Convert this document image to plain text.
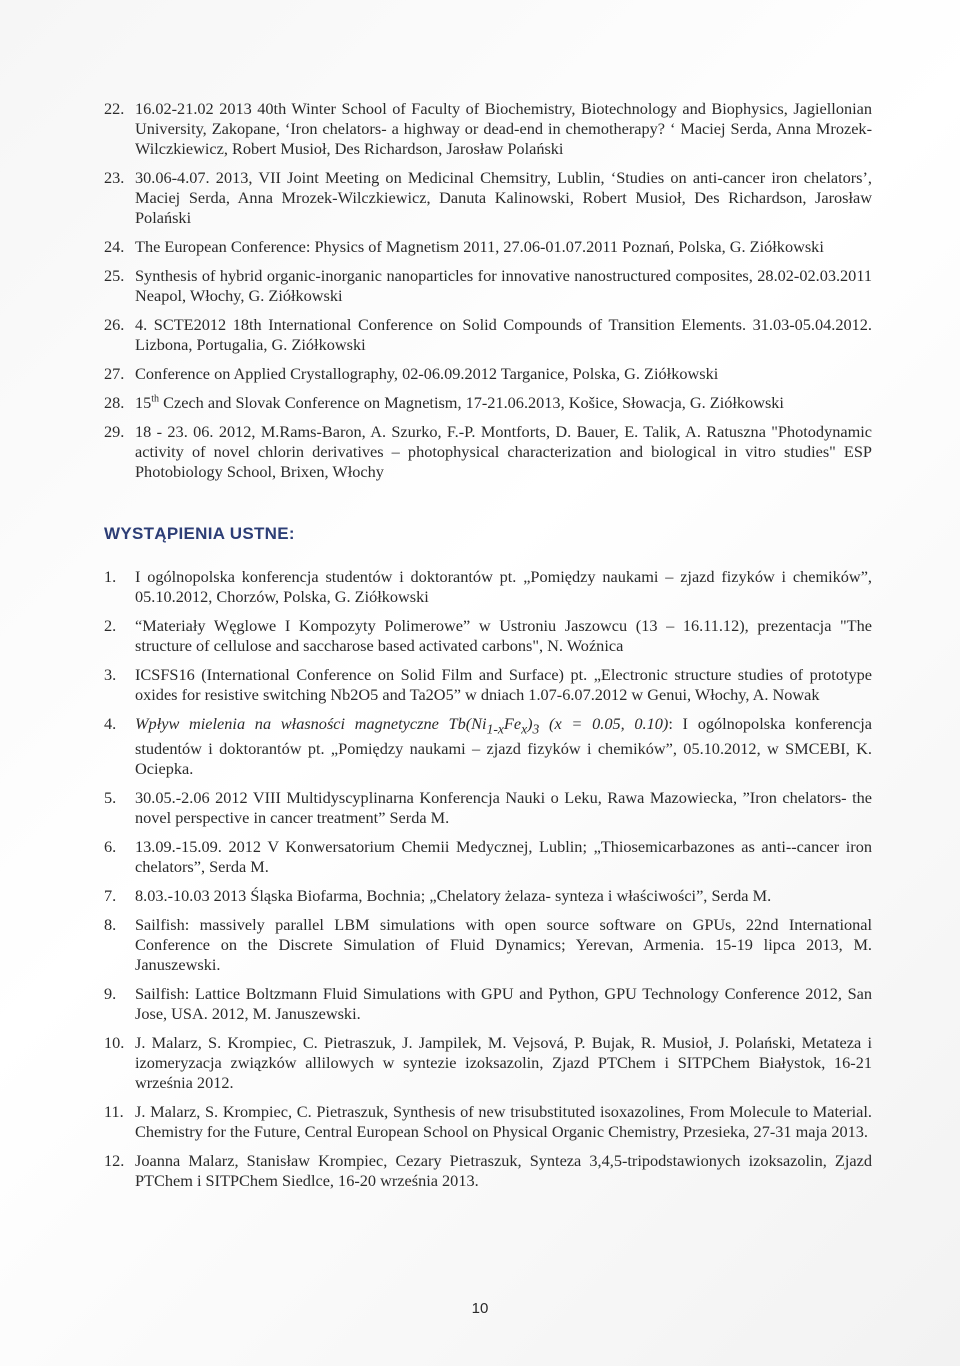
22. 16.02-21.02 2013 40th Winter School of Faculty of Biochemistry, Biotechnology and Biophysics, Jagiellonian University, Zakopane, ‘Iron chelators- a highway or dead-end in chemotherapy? ‘ Maciej Serda, Anna Mrozek-Wilczkiewicz, Robert Musioł, Des Richardson, Jarosław Polański
23. 30.06-4.07. 2013, VII Joint Meeting on Medicinal Chemsitry, Lublin, ‘Studies on anti-cancer iron chelators’, Maciej Serda, Anna Mrozek-Wilczkiewicz, Danuta Kalinowski, Robert Musioł, Des Richardson, Jarosław Polański
24. The European Conference: Physics of Magnetism 2011, 27.06-01.07.2011 Poznań, Polska, G. Ziółkowski
25. Synthesis of hybrid organic-inorganic nanoparticles for innovative nanostructured composites, 28.02-02.03.2011 Neapol, Włochy, G. Ziółkowski
26. 4. SCTE2012 18th International Conference on Solid Compounds of Transition Elements. 31.03-05.04.2012. Lizbona, Portugalia, G. Ziółkowski
27. Conference on Applied Crystallography, 02-06.09.2012 Targanice, Polska, G. Ziółkowski
28. 15th Czech and Slovak Conference on Magnetism, 17-21.06.2013, Košice, Słowacja, G. Ziółkowski
29. 18 - 23. 06. 2012, M.Rams-Baron, A. Szurko, F.-P. Montforts, D. Bauer, E. Talik, A. Ratuszna "Photodynamic activity of novel chlorin derivatives – photophysical characterization and biological in vitro studies" ESP Photobiology School, Brixen, Włochy
WYSTĄPIENIA USTNE:
1. I ogólnopolska konferencja studentów i doktorantów pt. „Pomiędzy naukami – zjazd fizyków i chemików”, 05.10.2012, Chorzów, Polska, G. Ziółkowski
2. “Materiały Węglowe I Kompozyty Polimerowe” w Ustroniu Jaszowcu (13 – 16.11.12), prezentacja "The structure of cellulose and saccharose based activated carbons", N. Woźnica
3. ICSFS16 (International Conference on Solid Film and Surface) pt. „Electronic structure studies of prototype oxides for resistive switching Nb2O5 and Ta2O5” w dniach 1.07-6.07.2012 w Genui, Włochy, A. Nowak
4. Wpływ mielenia na własności magnetyczne $Tb(Ni_{1-x}Fe_x)_3$ (x = 0.05, 0.10): I ogólnopolska konferencja studentów i doktorantów pt. „Pomiędzy naukami – zjazd fizyków i chemików”, 05.10.2012, w SMCEBI, K. Ociepka.
5. 30.05.-2.06 2012 VIII Multidyscyplinarna Konferencja Nauki o Leku, Rawa Mazowiecka, ”Iron chelators- the novel perspective in cancer treatment” Serda M.
6. 13.09.-15.09. 2012 V Konwersatorium Chemii Medycznej, Lublin; „Thiosemicarbazones as anti--cancer iron chelators”, Serda M.
7. 8.03.-10.03 2013 Śląska Biofarma, Bochnia; „Chelatory żelaza- synteza i właściwości”, Serda M.
8. Sailfish: massively parallel LBM simulations with open source software on GPUs, 22nd International Conference on the Discrete Simulation of Fluid Dynamics; Yerevan, Armenia. 15-19 lipca 2013, M. Januszewski.
9. Sailfish: Lattice Boltzmann Fluid Simulations with GPU and Python, GPU Technology Conference 2012, San Jose, USA. 2012, M. Januszewski.
10. J. Malarz, S. Krompiec, C. Pietraszuk, J. Jampilek, M. Vejsová, P. Bujak, R. Musioł, J. Polański, Metateza i izomeryzacja związków allilowych w syntezie izoksazolin, Zjazd PTChem i SITPChem Białystok, 16-21 września 2012.
11. J. Malarz, S. Krompiec, C. Pietraszuk, Synthesis of new trisubstituted isoxazolines, From Molecule to Material. Chemistry for the Future, Central European School on Physical Organic Chemistry, Przesieka, 27-31 maja 2013.
12. Joanna Malarz, Stanisław Krompiec, Cezary Pietraszuk, Synteza 3,4,5-tripodstawionych izoksazolin, Zjazd PTChem i SITPChem Siedlce, 16-20 września 2013.
10
